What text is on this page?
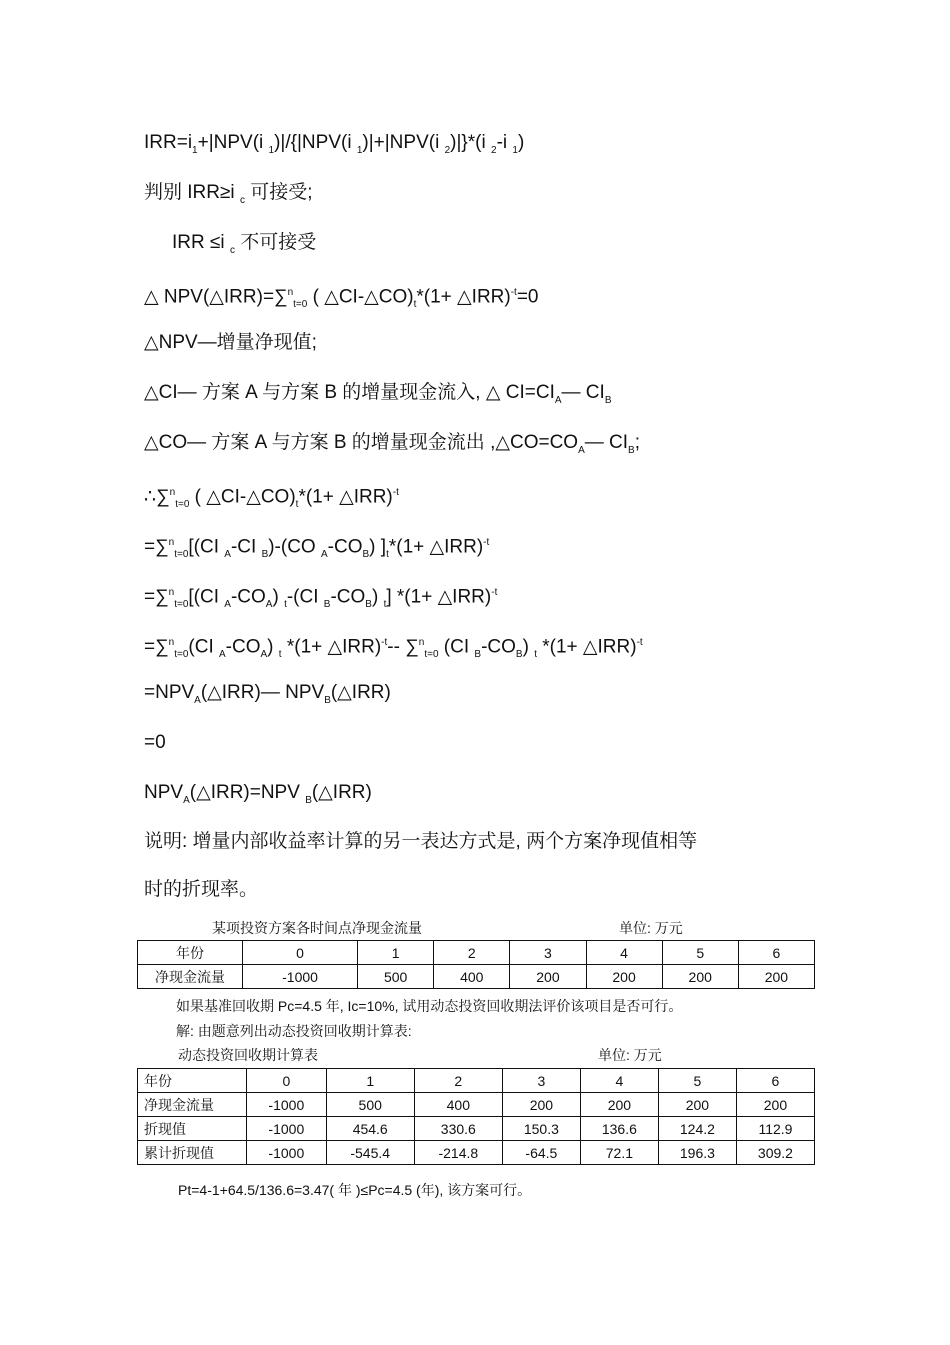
$IRR=i_1+|NPV(i$ $_1$)|/{|NPV(i $_1$)|+|NPV(i $_2$)|}*(i $_2$-i $_1$)
判别 IRR≥i $_c$ 可接受;
IRR ≤i $_c$ 不可接受
△ NPV(△IRR)=∑$^n_{t=0}$ ( $\triangle CI-\triangle CO)_t*(1+$ △IRR)$^{-t}$=0
△NPV—增量净现值;
△CI— 方案 A 与方案 B 的增量现金流入, △ $CI=CI_A—$ $CI_B$
△CO— 方案 A 与方案 B 的增量现金流出 $,\triangle CO=CO_A—$ $CI_B$;
∴∑$^n_{t=0}$ ( $\triangle CI-\triangle CO)_t*(1+$ △IRR)$^{-t}$
=∑$^n_{t=0}$[(CI $_A$-CI $_B$)-(CO $_A-CO_B$) ]$_t*(1+$ △IRR)$^{-t}$
=∑$^n_{t=0}$[(CI $_A-CO_A$) $_t$-(CI $_B-CO_B$) $_t$] *(1+ △IRR)$^{-t}$
=∑$^n_{t=0}$(CI $_A-CO_A$) $_t$ *(1+ △IRR)$^{-t}$-- ∑$^n_{t=0}$ (CI $_B-CO_B$) $_t$ *(1+ △IRR)$^{-t}$
$=NPV_A(\triangle IRR)—$ $NPV_B(\triangle IRR)$
=0
$NPV_A(\triangle IRR)=NPV$ $_B$(△IRR)
说明: 增量内部收益率计算的另一表达方式是, 两个方案净现值相等
时的折现率。
某项投资方案各时间点净现金流量	单位: 万元
年份	0	1	2	3	4	5	6
净现金流量	-1000	500	400	200	200	200	200
如果基准回收期 Pc=4.5 年, Ic=10%, 试用动态投资回收期法评价该项目是否可行。
解: 由题意列出动态投资回收期计算表:
动态投资回收期计算表	单位: 万元
年份	0	1	2	3	4	5	6
净现金流量	-1000	500	400	200	200	200	200
折现值	-1000	454.6	330.6	150.3	136.6	124.2	112.9
累计折现值	-1000	-545.4	-214.8	-64.5	72.1	196.3	309.2
Pt=4-1+64.5/136.6=3.47( 年 )≤Pc=4.5 (年), 该方案可行。
